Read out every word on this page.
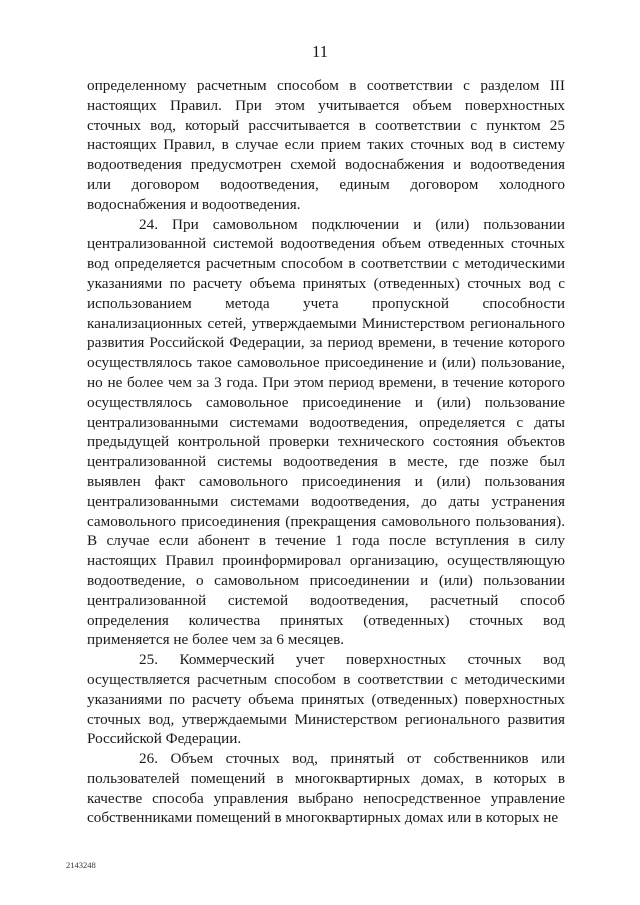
11

определенному расчетным способом в соответствии с разделом III настоящих Правил. При этом учитывается объем поверхностных сточных вод, который рассчитывается в соответствии с пунктом 25 настоящих Правил, в случае если прием таких сточных вод в систему водоотведения предусмотрен схемой водоснабжения и водоотведения или договором водоотведения, единым договором холодного водоснабжения и водоотведения.

24. При самовольном подключении и (или) пользовании централизованной системой водоотведения объем отведенных сточных вод определяется расчетным способом в соответствии с методическими указаниями по расчету объема принятых (отведенных) сточных вод с использованием метода учета пропускной способности канализационных сетей, утверждаемыми Министерством регионального развития Российской Федерации, за период времени, в течение которого осуществлялось такое самовольное присоединение и (или) пользование, но не более чем за 3 года. При этом период времени, в течение которого осуществлялось самовольное присоединение и (или) пользование централизованными системами водоотведения, определяется с даты предыдущей контрольной проверки технического состояния объектов централизованной системы водоотведения в месте, где позже был выявлен факт самовольного присоединения и (или) пользования централизованными системами водоотведения, до даты устранения самовольного присоединения (прекращения самовольного пользования). В случае если абонент в течение 1 года после вступления в силу настоящих Правил проинформировал организацию, осуществляющую водоотведение, о самовольном присоединении и (или) пользовании централизованной системой водоотведения, расчетный способ определения количества принятых (отведенных) сточных вод применяется не более чем за 6 месяцев.

25. Коммерческий учет поверхностных сточных вод осуществляется расчетным способом в соответствии с методическими указаниями по расчету объема принятых (отведенных) поверхностных сточных вод, утверждаемыми Министерством регионального развития Российской Федерации.

26. Объем сточных вод, принятый от собственников или пользователей помещений в многоквартирных домах, в которых в качестве способа управления выбрано непосредственное управление собственниками помещений в многоквартирных домах или в которых не

2143248
